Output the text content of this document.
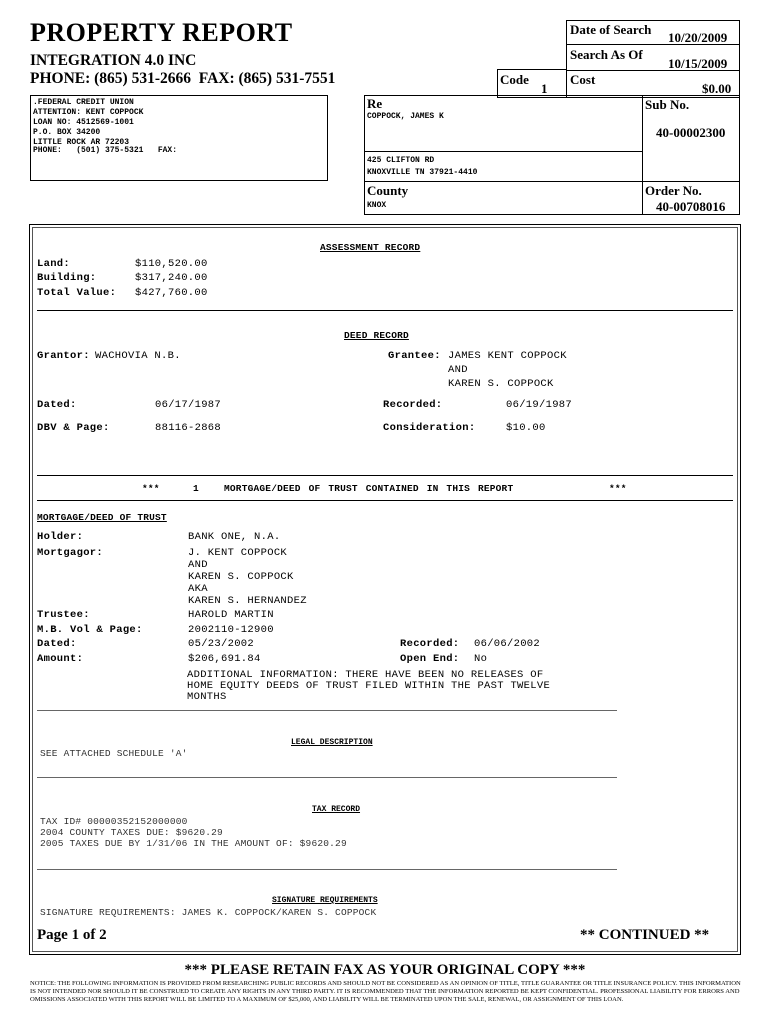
PROPERTY REPORT
INTEGRATION 4.0 INC
PHONE: (865) 531-2666  FAX: (865) 531-7551	Code
1
Date of Search
10/20/2009
Search As Of
10/15/2009
Cost
$0.00
.FEDERAL CREDIT UNION
ATTENTION: KENT COPPOCK
LOAN NO: 4512569-1001
P.O. BOX 34200
LITTLE ROCK AR 72203
PHONE:   (501) 375-5321   FAX:
Re
COPPOCK, JAMES K
425 CLIFTON RD
KNOXVILLE TN 37921-4410
Sub No.
40-00002300
County
KNOX
Order No.
40-00708016
ASSESSMENT RECORD
Land:	$110,520.00
Building:	$317,240.00
Total Value: $427,760.00
DEED RECORD
Grantor: WACHOVIA N.B.	Grantee: JAMES KENT COPPOCK
AND
KAREN S. COPPOCK
Dated:	06/17/1987	Recorded:	06/19/1987
DBV & Page:	88116-2868	Consideration:	$10.00
***	1	MORTGAGE/DEED OF TRUST CONTAINED IN THIS REPORT	***
MORTGAGE/DEED OF TRUST
Holder:	BANK ONE, N.A.
Mortgagor:	J. KENT COPPOCK
AND
KAREN S. COPPOCK
AKA
KAREN S. HERNANDEZ
Trustee:	HAROLD MARTIN
M.B. Vol & Page:	2002110-12900
Dated:	05/23/2002	Recorded: 06/06/2002
Amount:	$206,691.84	Open End: No
ADDITIONAL INFORMATION: THERE HAVE BEEN NO RELEASES OF
HOME EQUITY DEEDS OF TRUST FILED WITHIN THE PAST TWELVE
MONTHS
LEGAL DESCRIPTION
SEE ATTACHED SCHEDULE 'A'
TAX RECORD
TAX ID# 00000352152000000
2004 COUNTY TAXES DUE: $9620.29
2005 TAXES DUE BY 1/31/06 IN THE AMOUNT OF: $9620.29
SIGNATURE REQUIREMENTS
SIGNATURE REQUIREMENTS: JAMES K. COPPOCK/KAREN S. COPPOCK
Page 1 of 2	** CONTINUED **
*** PLEASE RETAIN FAX AS YOUR ORIGINAL COPY ***
NOTICE: THE FOLLOWING INFORMATION IS PROVIDED FROM RESEARCHING PUBLIC RECORDS AND SHOULD NOT BE CONSIDERED AS AN OPINION OF TITLE, TITLE GUARANTEE OR TITLE INSURANCE POLICY. THIS INFORMATION IS NOT INTENDED NOR SHOULD IT BE CONSTRUED TO CREATE ANY RIGHTS IN ANY THIRD PARTY. IT IS RECOMMENDED THAT THE INFORMATION REPORTED BE KEPT CONFIDENTIAL. PROFESSIONAL LIABILITY FOR ERRORS AND OMISSIONS ASSOCIATED WITH THIS REPORT WILL BE LIMITED TO A MAXIMUM OF $25,000, AND LIABILITY WILL BE TERMINATED UPON THE SALE, RENEWAL, OR ASSIGNMENT OF THIS LOAN.
